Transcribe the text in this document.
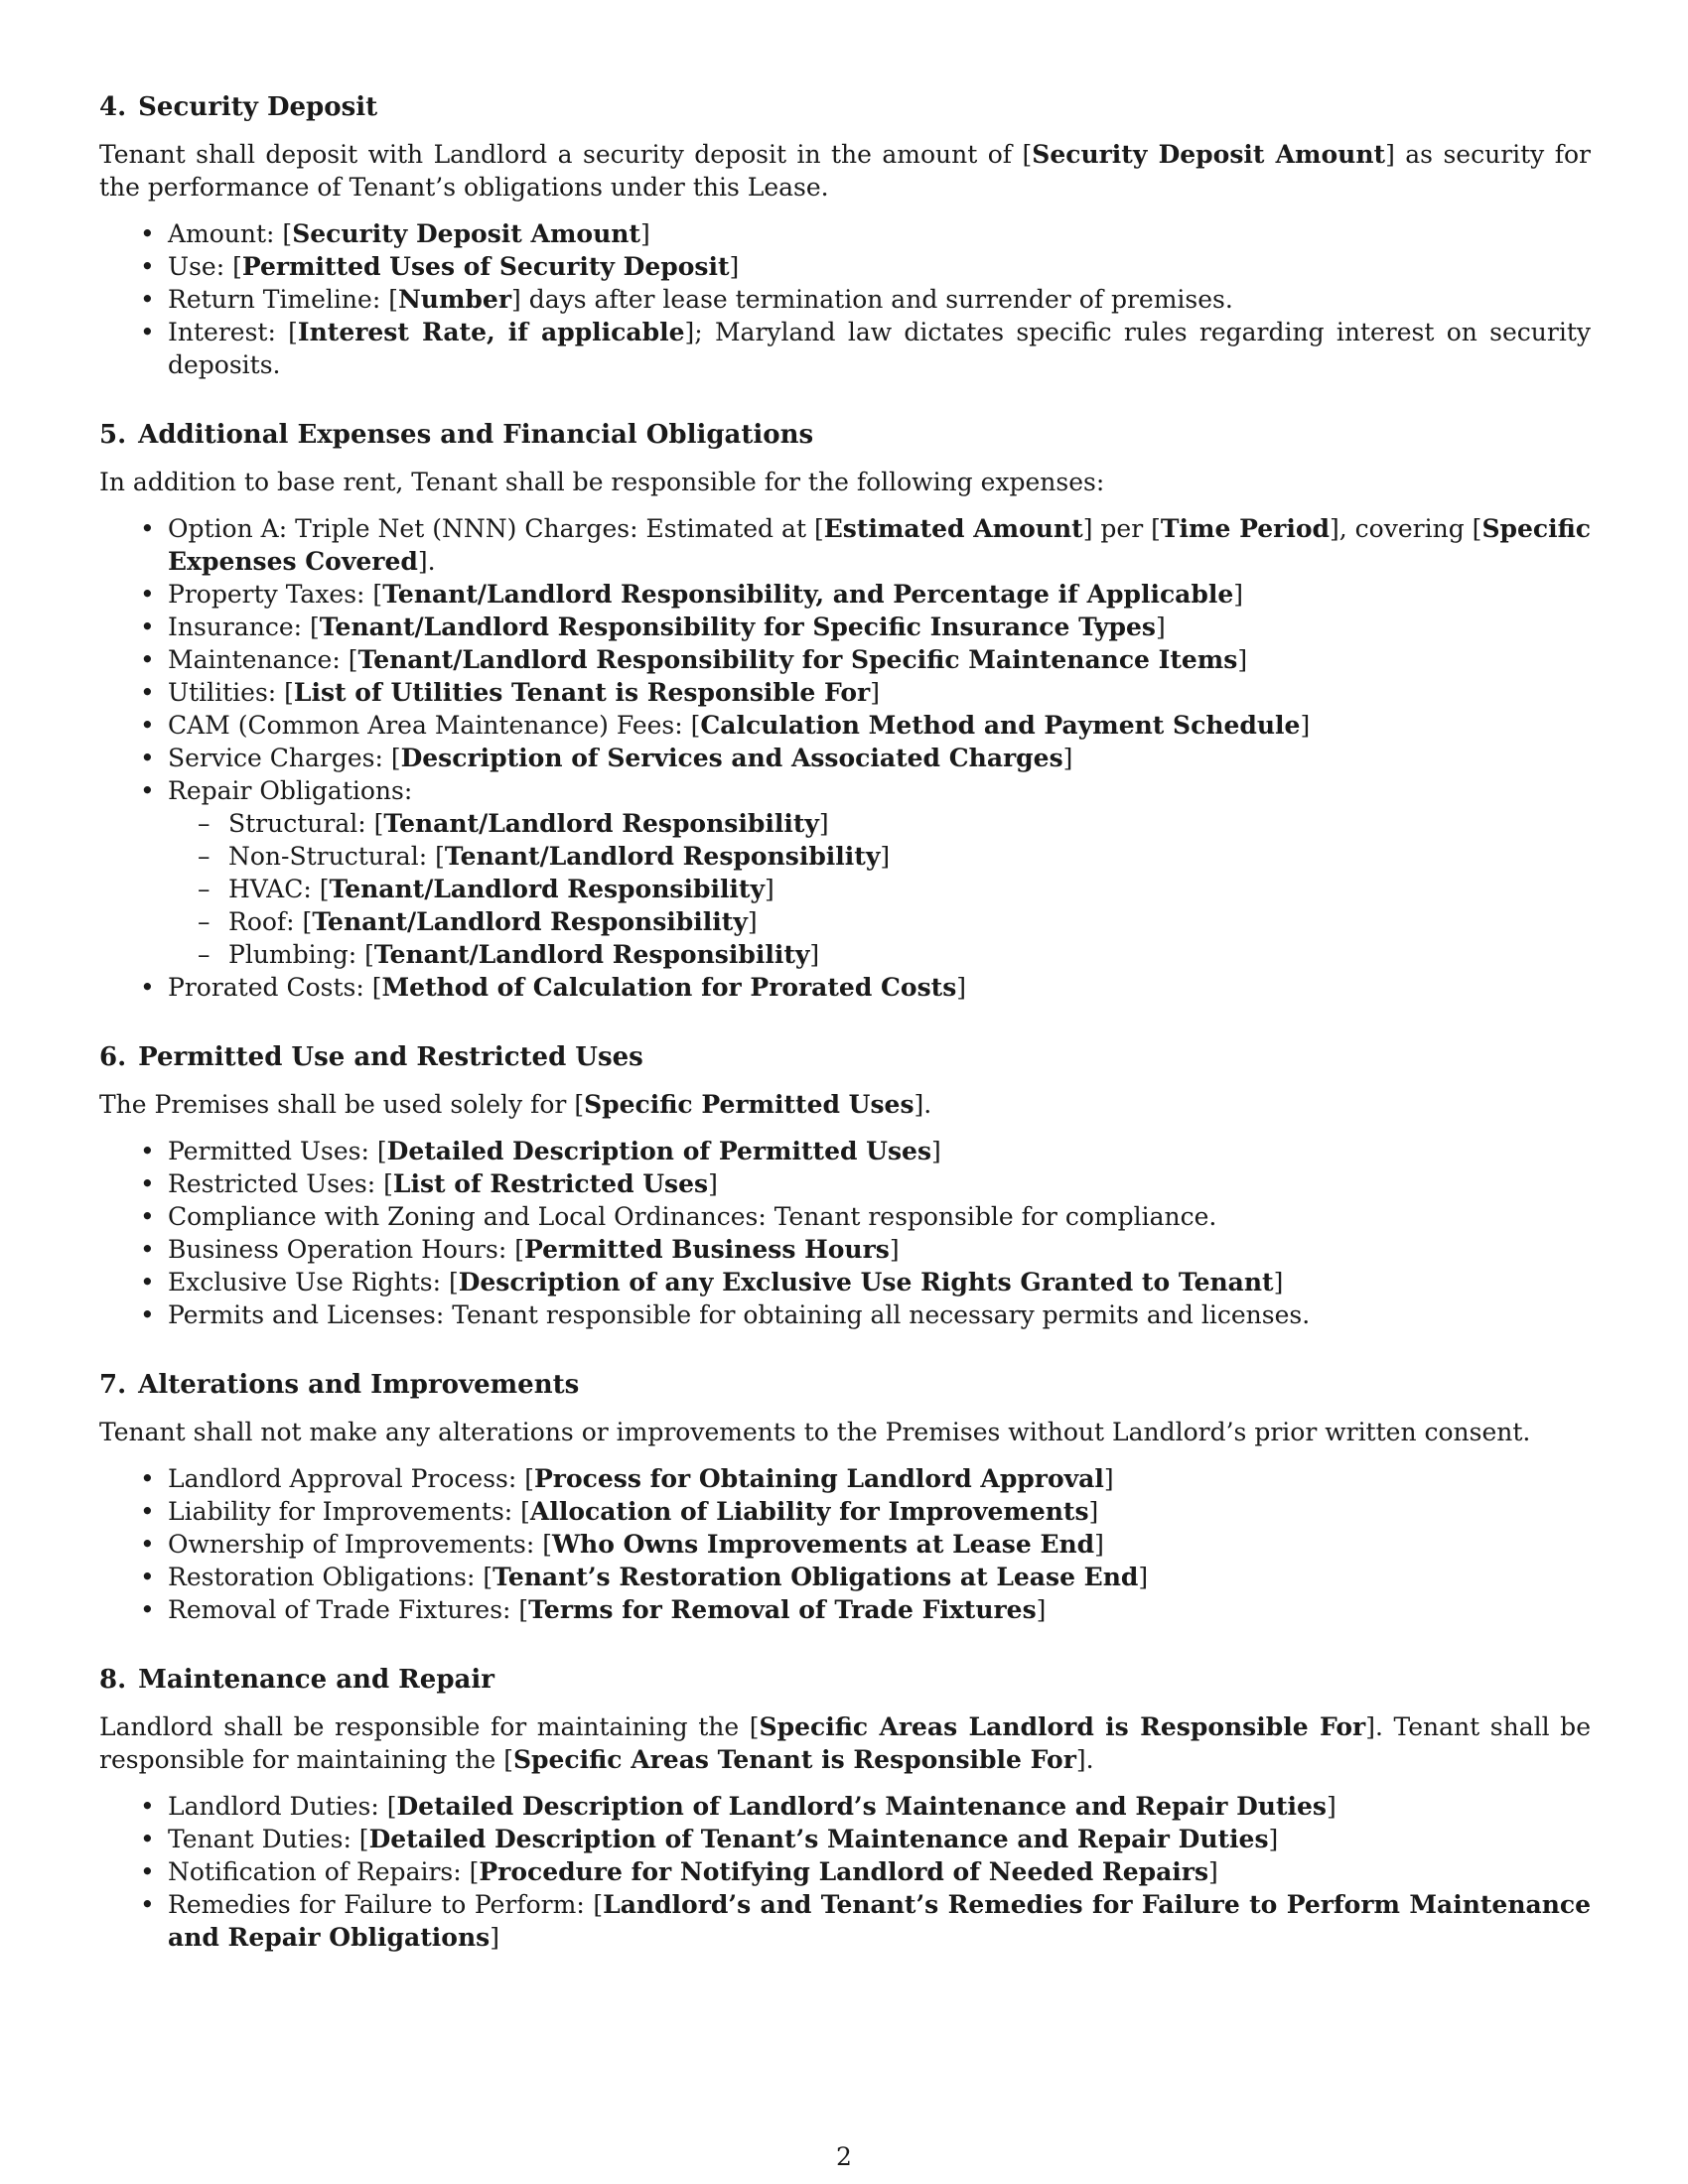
4. Security Deposit

Tenant shall deposit with Landlord a security deposit in the amount of [Security Deposit Amount] as security for the performance of Tenant’s obligations under this Lease.

• Amount: [Security Deposit Amount]
• Use: [Permitted Uses of Security Deposit]
• Return Timeline: [Number] days after lease termination and surrender of premises.
• Interest: [Interest Rate, if applicable]; Maryland law dictates specific rules regarding interest on security deposits.
5. Additional Expenses and Financial Obligations

In addition to base rent, Tenant shall be responsible for the following expenses:

• Option A: Triple Net (NNN) Charges: Estimated at [Estimated Amount] per [Time Period], covering [Specific Expenses Covered].
• Property Taxes: [Tenant/Landlord Responsibility, and Percentage if Applicable]
• Insurance: [Tenant/Landlord Responsibility for Specific Insurance Types]
• Maintenance: [Tenant/Landlord Responsibility for Specific Maintenance Items]
• Utilities: [List of Utilities Tenant is Responsible For]
• CAM (Common Area Maintenance) Fees: [Calculation Method and Payment Schedule]
• Service Charges: [Description of Services and Associated Charges]
• Repair Obligations:
– Structural: [Tenant/Landlord Responsibility]
– Non-Structural: [Tenant/Landlord Responsibility]
– HVAC: [Tenant/Landlord Responsibility]
– Roof: [Tenant/Landlord Responsibility]
– Plumbing: [Tenant/Landlord Responsibility]
• Prorated Costs: [Method of Calculation for Prorated Costs]
6. Permitted Use and Restricted Uses

The Premises shall be used solely for [Specific Permitted Uses].

• Permitted Uses: [Detailed Description of Permitted Uses]
• Restricted Uses: [List of Restricted Uses]
• Compliance with Zoning and Local Ordinances: Tenant responsible for compliance.
• Business Operation Hours: [Permitted Business Hours]
• Exclusive Use Rights: [Description of any Exclusive Use Rights Granted to Tenant]
• Permits and Licenses: Tenant responsible for obtaining all necessary permits and licenses.
7. Alterations and Improvements

Tenant shall not make any alterations or improvements to the Premises without Landlord’s prior written consent.

• Landlord Approval Process: [Process for Obtaining Landlord Approval]
• Liability for Improvements: [Allocation of Liability for Improvements]
• Ownership of Improvements: [Who Owns Improvements at Lease End]
• Restoration Obligations: [Tenant’s Restoration Obligations at Lease End]
• Removal of Trade Fixtures: [Terms for Removal of Trade Fixtures]
8. Maintenance and Repair

Landlord shall be responsible for maintaining the [Specific Areas Landlord is Responsible For]. Tenant shall be responsible for maintaining the [Specific Areas Tenant is Responsible For].

• Landlord Duties: [Detailed Description of Landlord’s Maintenance and Repair Duties]
• Tenant Duties: [Detailed Description of Tenant’s Maintenance and Repair Duties]
• Notification of Repairs: [Procedure for Notifying Landlord of Needed Repairs]
• Remedies for Failure to Perform: [Landlord’s and Tenant’s Remedies for Failure to Perform Maintenance and Repair Obligations]
2
